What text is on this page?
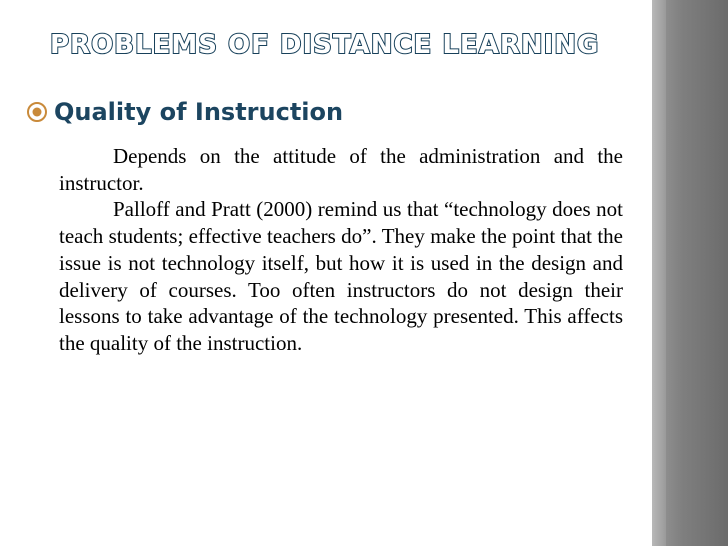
PROBLEMS OF DISTANCE LEARNING
Quality of Instruction

Depends on the attitude of the administration and the instructor.

Palloff and Pratt (2000) remind us that “technology does not teach students; effective teachers do”. They make the point that the issue is not technology itself, but how it is used in the design and delivery of courses. Too often instructors do not design their lessons to take advantage of the technology presented. This affects the quality of the instruction.
